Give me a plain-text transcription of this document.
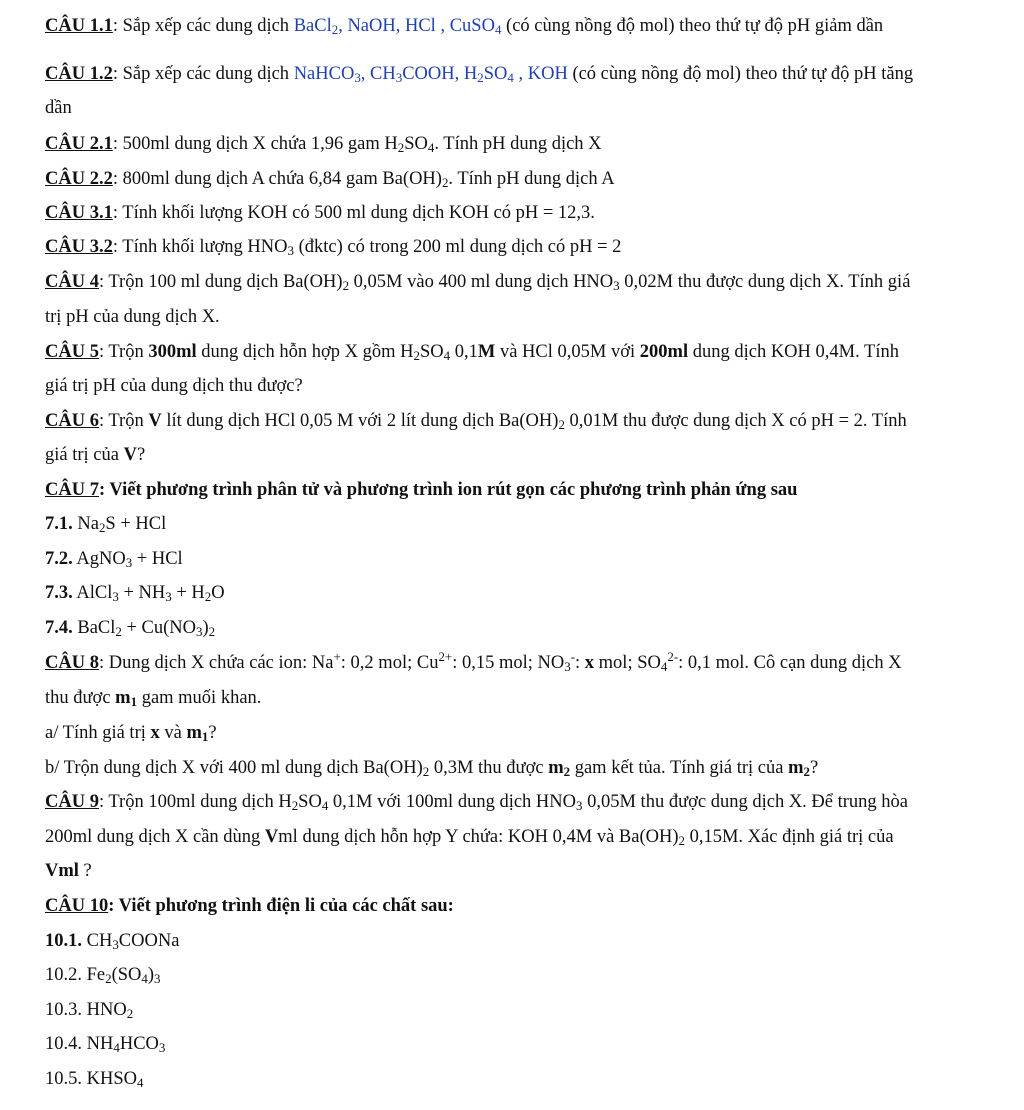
CÂU 1.1: Sắp xếp các dung dịch BaCl$_2$, NaOH, HCl , CuSO$_4$ (có cùng nồng độ mol) theo thứ tự độ pH giảm dần
CÂU 1.2: Sắp xếp các dung dịch NaHCO$_3$, $CH_3COOH$, $H_2SO_4$ , KOH (có cùng nồng độ mol) theo thứ tự độ pH tăng
dần
CÂU 2.1: 500ml dung dịch X chứa 1,96 gam $H_2SO_4$. Tính pH dung dịch X
CÂU 2.2: 800ml dung dịch A chứa 6,84 gam $Ba(OH)_2$. Tính pH dung dịch A
CÂU 3.1: Tính khối lượng KOH có 500 ml dung dịch KOH có pH = 12,3.
CÂU 3.2: Tính khối lượng $HNO_3$ (đktc) có trong 200 ml dung dịch có pH = 2
CÂU 4: Trộn 100 ml dung dịch $Ba(OH)_2$ 0,05M vào 400 ml dung dịch $HNO_3$ 0,02M thu được dung dịch X. Tính giá
trị pH của dung dịch X.
CÂU 5: Trộn 300ml dung dịch hỗn hợp X gồm $H_2SO_4$ 0,1M và HCl 0,05M với 200ml dung dịch KOH 0,4M. Tính
giá trị pH của dung dịch thu được?
CÂU 6: Trộn V lít dung dịch HCl 0,05 M với 2 lít dung dịch $Ba(OH)_2$ 0,01M thu được dung dịch X có pH = 2. Tính
giá trị của V?
CÂU 7: Viết phương trình phân tử và phương trình ion rút gọn các phương trình phản ứng sau
7.1. $Na_2S$ + HCl
7.2. AgNO$_3$ + HCl
7.3. AlCl$_3$ + $NH_3 + H_2O$
7.4. BaCl$_2$ + $Cu(NO_3)_2$
CÂU 8: Dung dịch X chứa các ion: Na+: 0,2 mol; $Cu^{2+}$: 0,15 mol; $NO_3^-$: x mol; $SO_4^{2-}$: 0,1 mol. Cô cạn dung dịch X
thu được $m_1$ gam muối khan.
a/ Tính giá trị x và $m_1$?
b/ Trộn dung dịch X với 400 ml dung dịch $Ba(OH)_2$ 0,3M thu được $m_2$ gam kết tủa. Tính giá trị của $m_2$?
CÂU 9: Trộn 100ml dung dịch $H_2SO_4$ 0,1M với 100ml dung dịch $HNO_3$ 0,05M thu được dung dịch X. Để trung hòa
200ml dung dịch X cần dùng Vml dung dịch hỗn hợp Y chứa: KOH 0,4M và $Ba(OH)_2$ 0,15M. Xác định giá trị của
Vml ?
CÂU 10: Viết phương trình điện li của các chất sau:
10.1. $CH_3COONa$
10.2. $Fe_2(SO_4)_3$
10.3. $HNO_2$
10.4. $NH_4HCO_3$
10.5. $KHSO_4$
